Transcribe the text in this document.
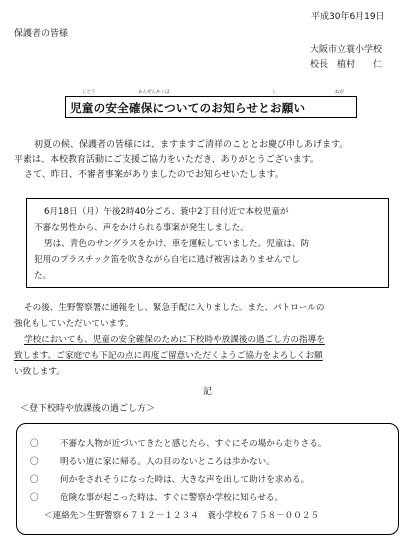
平成30年6月19日
保護者の皆様
大阪市立蓑小学校
校長　植村　　仁
じどう	あんぜんかくほ	し	ねが
児童の安全確保についてのお知らせとお願い
初夏の候、保護者の皆様には、ますますご清祥のこととお慶び申しあげます。
平素は、本校教育活動にご支援ご協力をいただき、ありがとうございます。
さて、昨日、不審者事案がありましたのでお知らせいたします。
6月18日（月）午後2時40分ごろ、蓑中2丁目付近で本校児童が
不審な男性から、声をかけられる事案が発生しました。
男は、青色のサングラスをかけ、車を運転していました。児童は、防
犯用のプラスチック笛を吹きながら自宅に逃げ被害はありませんでし
た。
その後、生野警察署に通報をし、緊急手配に入りました。また、パトロールの
強化もしていただいています。
学校においても、児童の安全確保のために下校時や放課後の過ごし方の指導を
致します。ご家庭でも下記の点に再度ご留意いただくようご協力をよろしくお願
い致します。
記
＜登下校時や放課後の過ごし方＞
〇 不審な人物が近づいてきたと感じたら、すぐにその場から走りさる。
〇 明るい道に家に帰る。人の目のないところは歩かない。
〇 何かをされそうになった時は、大きな声を出して助けを求める。
〇 危険な事が起こった時は、すぐに警察か学校に知らせる。
＜連絡先＞生野警察６７１２－１２３４　蓑小学校６７５８－００２５
